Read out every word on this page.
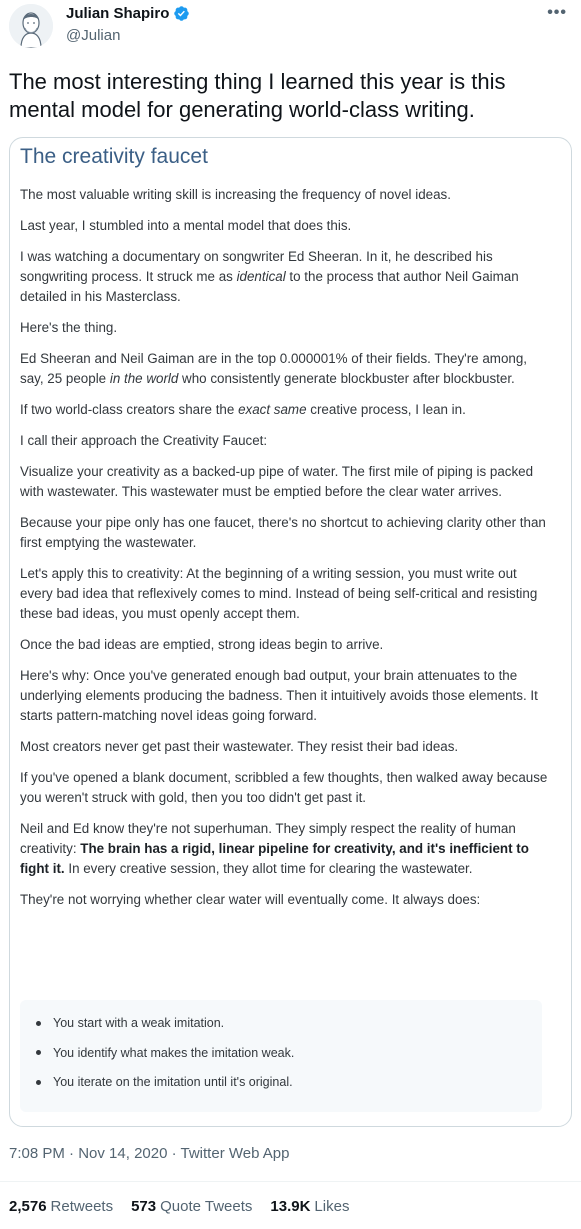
Julian Shapiro
@Julian
•••
The most interesting thing I learned this year is this mental model for generating world-class writing.
The creativity faucet

The most valuable writing skill is increasing the frequency of novel ideas.

Last year, I stumbled into a mental model that does this.

I was watching a documentary on songwriter Ed Sheeran. In it, he described his songwriting process. It struck me as identical to the process that author Neil Gaiman detailed in his Masterclass.

Here's the thing.

Ed Sheeran and Neil Gaiman are in the top 0.000001% of their fields. They're among, say, 25 people in the world who consistently generate blockbuster after blockbuster.

If two world-class creators share the exact same creative process, I lean in.

I call their approach the Creativity Faucet:

Visualize your creativity as a backed-up pipe of water. The first mile of piping is packed with wastewater. This wastewater must be emptied before the clear water arrives.

Because your pipe only has one faucet, there's no shortcut to achieving clarity other than first emptying the wastewater.

Let's apply this to creativity: At the beginning of a writing session, you must write out every bad idea that reflexively comes to mind. Instead of being self-critical and resisting these bad ideas, you must openly accept them.

Once the bad ideas are emptied, strong ideas begin to arrive.

Here's why: Once you've generated enough bad output, your brain attenuates to the underlying elements producing the badness. Then it intuitively avoids those elements. It starts pattern-matching novel ideas going forward.

Most creators never get past their wastewater. They resist their bad ideas.

If you've opened a blank document, scribbled a few thoughts, then walked away because you weren't struck with gold, then you too didn't get past it.

Neil and Ed know they're not superhuman. They simply respect the reality of human creativity: The brain has a rigid, linear pipeline for creativity, and it's inefficient to fight it. In every creative session, they allot time for clearing the wastewater.

They're not worrying whether clear water will eventually come. It always does:

You start with a weak imitation.
You identify what makes the imitation weak.
You iterate on the imitation until it's original.
7:08 PM · Nov 14, 2020 · Twitter Web App
2,576 Retweets 573 Quote Tweets 13.9K Likes
